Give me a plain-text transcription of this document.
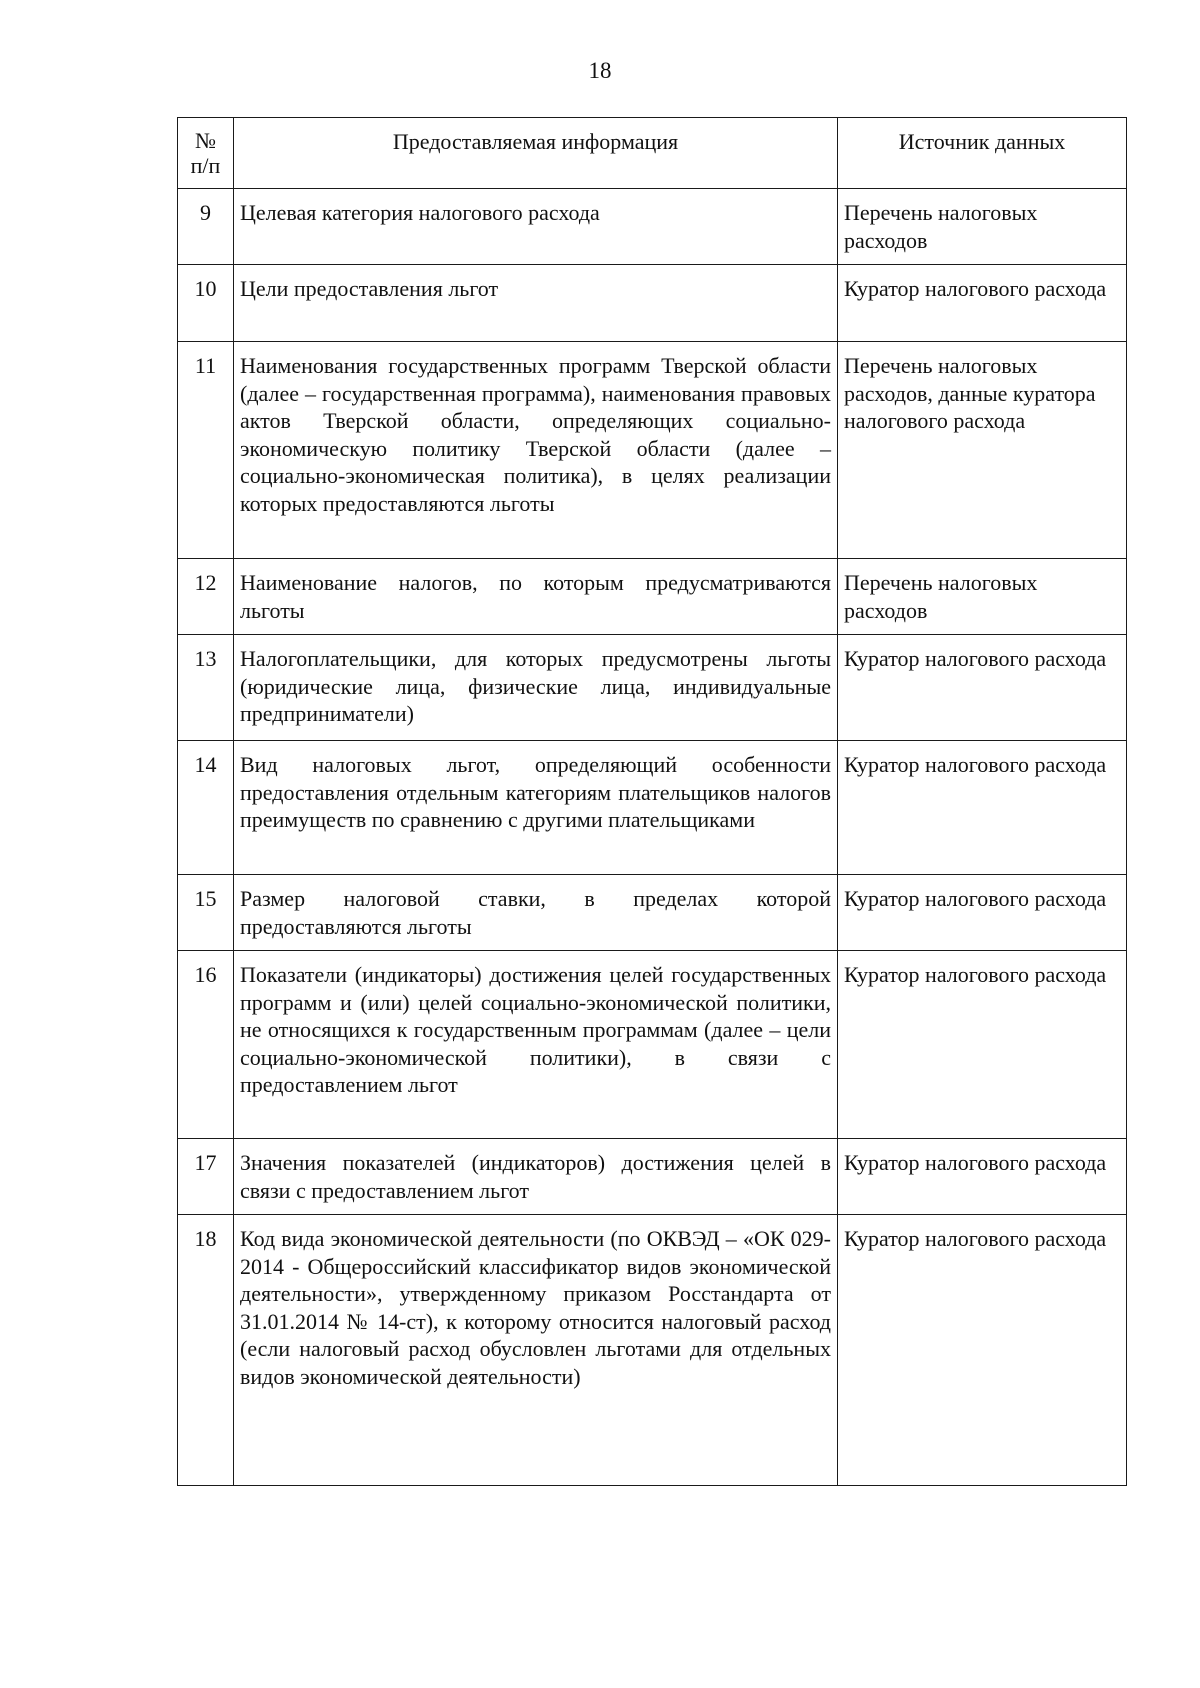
18
№ п/п	Предоставляемая информация	Источник данных
9	Целевая категория налогового расхода	Перечень налоговых расходов
10	Цели предоставления льгот	Куратор налогового расхода
11	Наименования государственных программ Тверской области (далее – государственная программа), наименования правовых актов Тверской области, определяющих социально-экономическую политику Тверской области (далее – социально-экономическая политика), в целях реализации которых предоставляются льготы	Перечень налоговых расходов, данные куратора налогового расхода
12	Наименование налогов, по которым предусматриваются льготы	Перечень налоговых расходов
13	Налогоплательщики, для которых предусмотрены льготы (юридические лица, физические лица, индивидуальные предприниматели)	Куратор налогового расхода
14	Вид налоговых льгот, определяющий особенности предоставления отдельным категориям плательщиков налогов преимуществ по сравнению с другими плательщиками	Куратор налогового расхода
15	Размер налоговой ставки, в пределах которой предоставляются льготы	Куратор налогового расхода
16	Показатели (индикаторы) достижения целей государственных программ и (или) целей социально-экономической политики, не относящихся к государственным программам (далее – цели социально-экономической политики), в связи с предоставлением льгот	Куратор налогового расхода
17	Значения показателей (индикаторов) достижения целей в связи с предоставлением льгот	Куратор налогового расхода
18	Код вида экономической деятельности (по ОКВЭД – «ОК 029-2014 - Общероссийский классификатор видов экономической деятельности», утвержденному приказом Росстандарта от 31.01.2014 № 14-ст), к которому относится налоговый расход (если налоговый расход обусловлен льготами для отдельных видов экономической деятельности)	Куратор налогового расхода
